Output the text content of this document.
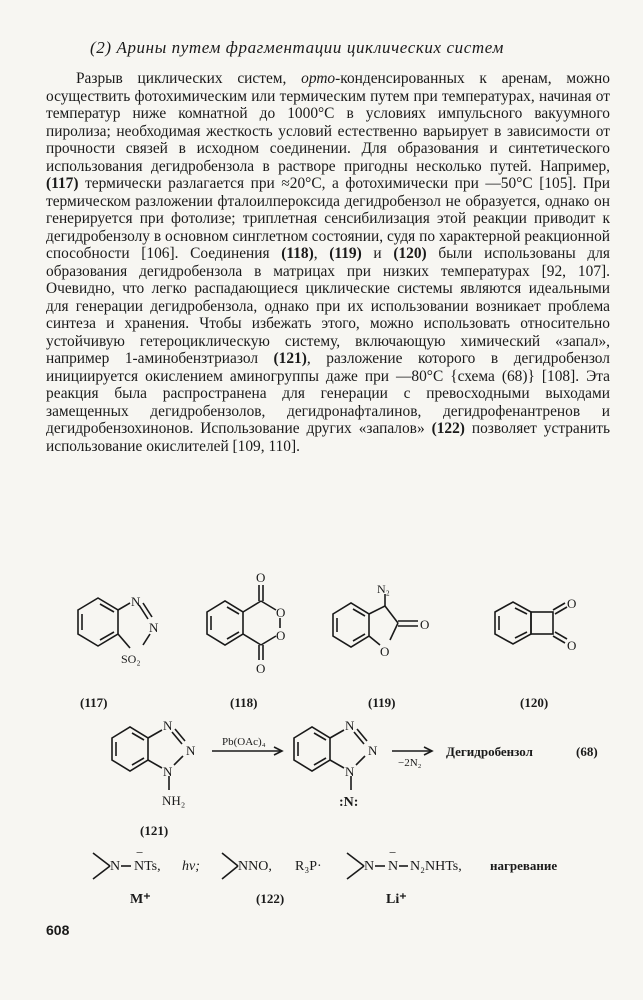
(2) Арины путем фрагментации циклических систем

Разрыв циклических систем, орто-конденсированных к аренам, можно осуществить фотохимическим или термическим путем при температурах, начиная от температур ниже комнатной до 1000°С в условиях импульсного вакуумного пиролиза; необходимая жесткость условий естественно варьирует в зависимости от прочности связей в исходном соединении. Для образования и синтетического использования дегидробензола в растворе пригодны несколько путей. Например, (117) термически разлагается при ≈20°С, а фотохимически при —50°С [105]. При термическом разложении фталоилпероксида дегидробензол не образуется, однако он генерируется при фотолизе; триплетная сенсибилизация этой реакции приводит к дегидробензолу в основном синглетном состоянии, судя по характерной реакционной способности [106]. Соединения (118), (119) и (120) были использованы для образования дегидробензола в матрицах при низких температурах [92, 107]. Очевидно, что легко распадающиеся циклические системы являются идеальными для генерации дегидробензола, однако при их использовании возникает проблема синтеза и хранения. Чтобы избежать этого, можно использовать относительно устойчивую гетероциклическую систему, включающую химический «запал», например 1-аминобензтриазол (121), разложение которого в дегидробензол инициируется окислением аминогруппы даже при —80°С {схема (68)} [108]. Эта реакция была распространена для генерации с превосходными выходами замещенных дегидробензолов, дегидронафталинов, дегидрофенантренов и дегидробензохинонов. Использование других «запалов» (122) позволяет устранить использование окислителей [109, 110].

N
N
SO₂
(117)
O
O
O
O
(118)
N₂
O
O
(119)
O
O
(120)
N
N
N
NH₂
(121)
Pb(OAc)₄
N
N
N
:N:
−2N₂
Дегидробензол	(68)
N NTs,
−
M⁺
hv;	NNO, R₃P·
(122)
N N
−
N₂NHTs,
Li⁺
нагревание
608
